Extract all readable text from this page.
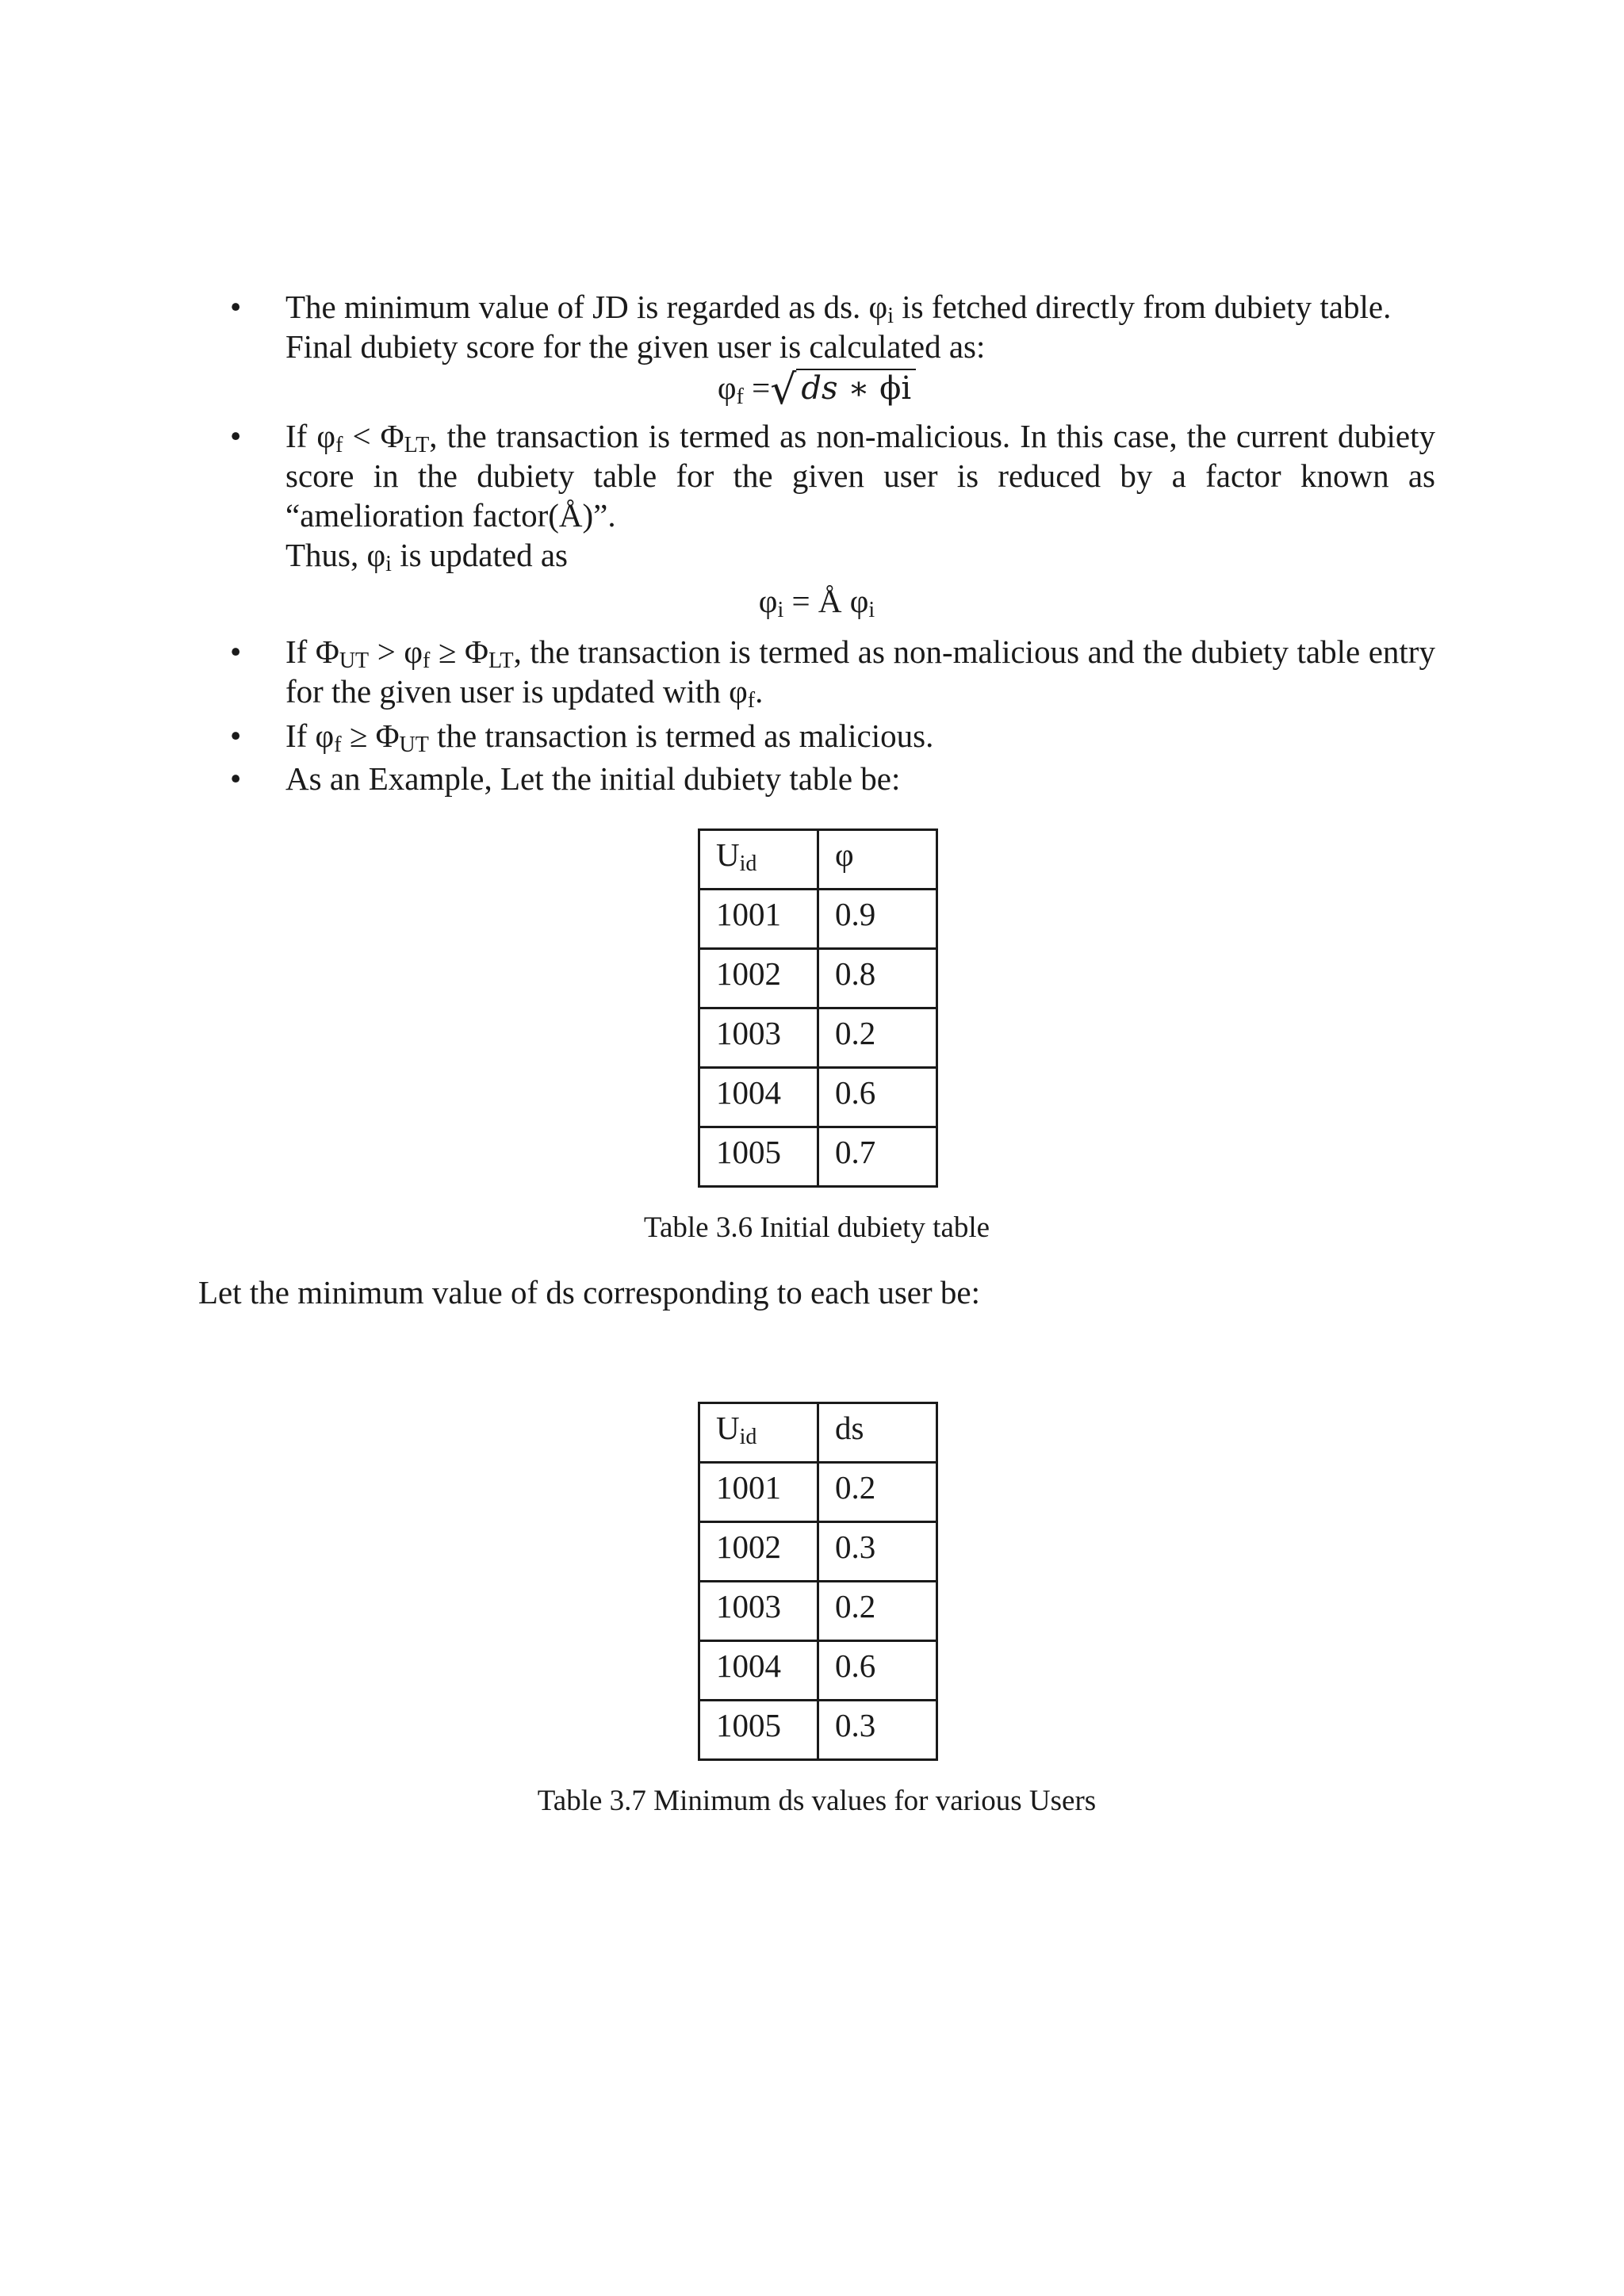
• The minimum value of JD is regarded as ds. $\varphi_i$ is fetched directly from dubiety table.
Final dubiety score for the given user is calculated as:
$\varphi_f$ =√ ds ∗ ϕi
• If $\varphi_f < \Phi_{LT}$, the transaction is termed as non-malicious. In this case, the current dubiety score in the dubiety table for the given user is reduced by a factor known as “amelioration factor(Å)”.
Thus, $\varphi_i$ is updated as
$\varphi_i$ = Å $\varphi_i$
• If $\Phi_{UT} > \varphi_f \ge \Phi_{LT}$, the transaction is termed as non-malicious and the dubiety table entry for the given user is updated with $\varphi_f$.
• If $\varphi_f \ge \Phi_{UT}$ the transaction is termed as malicious.
• As an Example, Let the initial dubiety table be:
$U_{id}$	φ
1001	0.9
1002	0.8
1003	0.2
1004	0.6
1005	0.7
Table 3.6 Initial dubiety table
Let the minimum value of ds corresponding to each user be:
$U_{id}$	ds
1001	0.2
1002	0.3
1003	0.2
1004	0.6
1005	0.3
Table 3.7 Minimum ds values for various Users
